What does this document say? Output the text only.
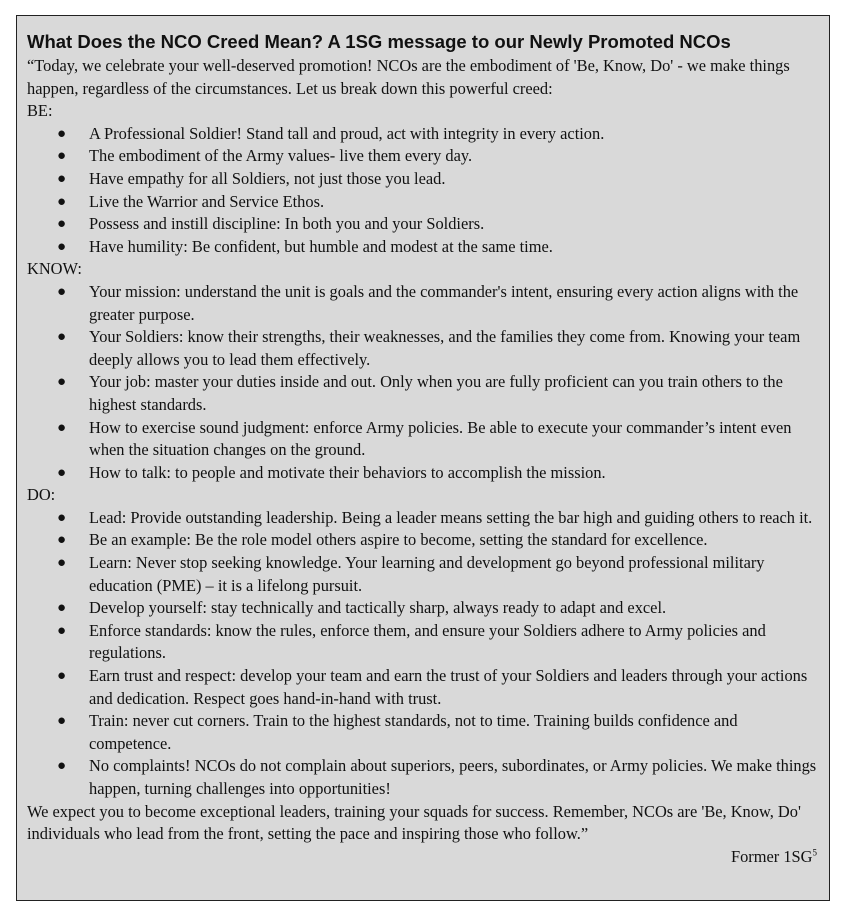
What Does the NCO Creed Mean? A 1SG message to our Newly Promoted NCOs

“Today, we celebrate your well-deserved promotion! NCOs are the embodiment of 'Be, Know, Do' - we make things happen, regardless of the circumstances. Let us break down this powerful creed:

BE:
● A Professional Soldier! Stand tall and proud, act with integrity in every action.
● The embodiment of the Army values- live them every day.
● Have empathy for all Soldiers, not just those you lead.
● Live the Warrior and Service Ethos.
● Possess and instill discipline: In both you and your Soldiers.
● Have humility: Be confident, but humble and modest at the same time.
KNOW:
● Your mission: understand the unit is goals and the commander's intent, ensuring every action aligns with the greater purpose.
● Your Soldiers: know their strengths, their weaknesses, and the families they come from. Knowing your team deeply allows you to lead them effectively.
● Your job: master your duties inside and out. Only when you are fully proficient can you train others to the highest standards.
● How to exercise sound judgment: enforce Army policies. Be able to execute your commander’s intent even when the situation changes on the ground.
● How to talk: to people and motivate their behaviors to accomplish the mission.
DO:
● Lead: Provide outstanding leadership. Being a leader means setting the bar high and guiding others to reach it.
● Be an example: Be the role model others aspire to become, setting the standard for excellence.
● Learn: Never stop seeking knowledge. Your learning and development go beyond professional military education (PME) – it is a lifelong pursuit.
● Develop yourself: stay technically and tactically sharp, always ready to adapt and excel.
● Enforce standards: know the rules, enforce them, and ensure your Soldiers adhere to Army policies and regulations.
● Earn trust and respect: develop your team and earn the trust of your Soldiers and leaders through your actions and dedication. Respect goes hand-in-hand with trust.
● Train: never cut corners. Train to the highest standards, not to time. Training builds confidence and competence.
● No complaints! NCOs do not complain about superiors, peers, subordinates, or Army policies. We make things happen, turning challenges into opportunities!

We expect you to become exceptional leaders, training your squads for success. Remember, NCOs are 'Be, Know, Do' individuals who lead from the front, setting the pace and inspiring those who follow.”

Former $1SG^5$
